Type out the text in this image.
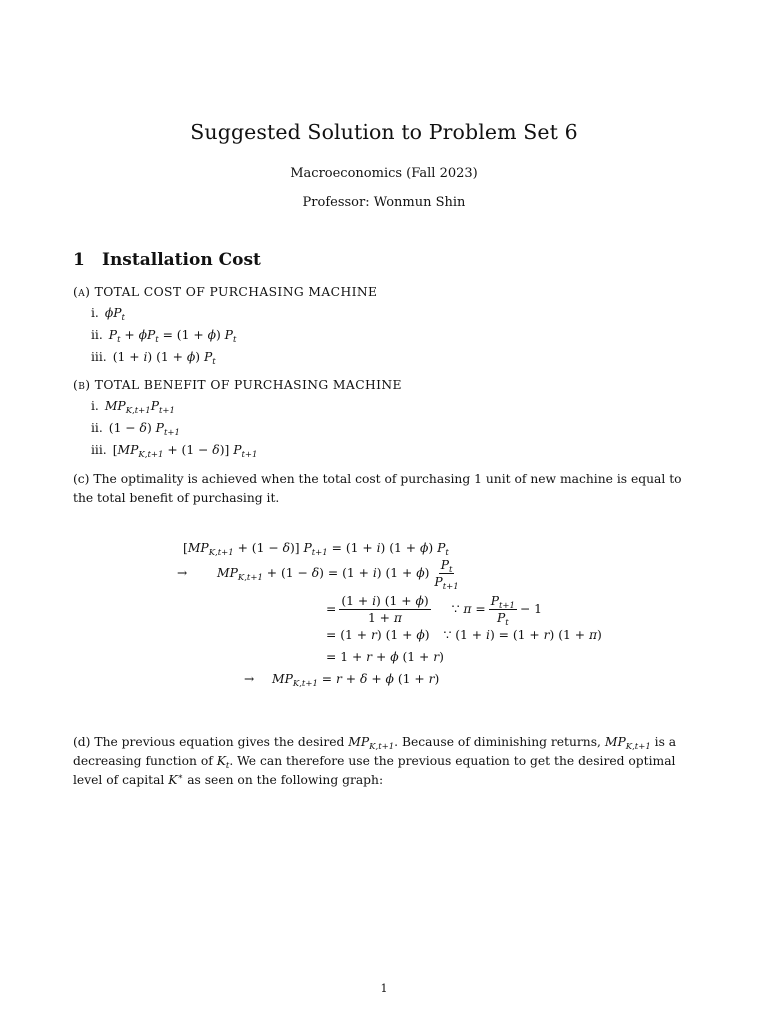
Suggested Solution to Problem Set 6
Macroeconomics (Fall 2023)
Professor: Wonmun Shin
1 Installation Cost
(a) TOTAL COST OF PURCHASING MACHINE
i. $\phi P_t$
ii. $P_t + \phi P_t = (1 + \phi)$ $P_t$
iii. (1 + i) (1 + ϕ) $P_t$
(b) TOTAL BENEFIT OF PURCHASING MACHINE
i. $MP_{K,t+1}P_{t+1}$
ii. (1 − δ) $P_{t+1}$
iii. $[MP_{K,t+1} + (1 - \delta)]$ $P_{t+1}$
(c) The optimality is achieved when the total cost of purchasing 1 unit of new machine is equal to the total benefit of purchasing it.
$[MP_{K,t+1} + (1 - \delta)] P_{t+1} = (1 + i) (1 + \phi)$ $P_t$
→ $MP_{K,t+1} + (1 - \delta) = (1 + i) (1 + \phi) \frac{P_t}{P_{t+1}}$
= $\frac{(1 + i) (1 + \phi)}{1 + \pi}$ ∵ $\pi = \frac{P_{t+1}}{P_t} - 1$
= (1 + r) (1 + ϕ) ∵ (1 + i) = (1 + r) (1 + π)
= 1 + r + ϕ (1 + r)
→ $MP_{K,t+1} = r + \delta + \phi$ (1 + r)
(d) The previous equation gives the desired $MP_{K,t+1}$. Because of diminishing returns, $MP_{K,t+1}$ is a decreasing function of $K_t$. We can therefore use the previous equation to get the desired optimal level of capital K∗ as seen on the following graph:
1
